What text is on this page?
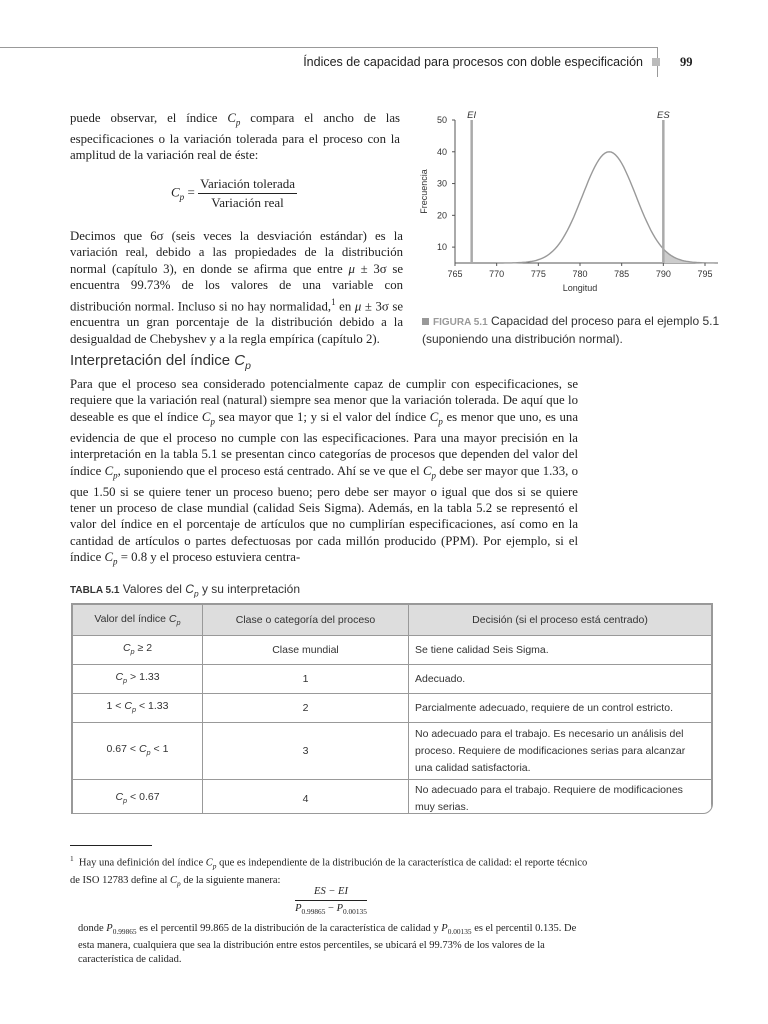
Índices de capacidad para procesos con doble especificación	99

puede observar, el índice $C_p$ compara el ancho de las especificaciones o la variación tolerada para el proceso con la amplitud de la variación real de éste:

$C_p = \frac{\text{Variación tolerada}}{\text{Variación real}}$

Decimos que 6σ (seis veces la desviación estándar) es la variación real, debido a las propiedades de la distribución normal (capítulo 3), en donde se afirma que entre μ ± 3σ se encuentra 99.73% de los valores de una variable con distribución normal. Incluso si no hay normalidad,$^1$ en μ ± 3σ se encuentra un gran porcentaje de la distribución debido a la desigualdad de Chebyshev y a la regla empírica (capítulo 2).

EI	ES
765	770	775	780	785	790	795
10
20
30
40
50
Longitud
Frecuencia
FIGURA 5.1 Capacidad del proceso para el ejemplo 5.1 (suponiendo una distribución normal).
Interpretación del índice $C_p$

Para que el proceso sea considerado potencialmente capaz de cumplir con especificaciones, se requiere que la variación real (natural) siempre sea menor que la variación tolerada. De aquí que lo deseable es que el índice $C_p$ sea mayor que 1; y si el valor del índice $C_p$ es menor que uno, es una evidencia de que el proceso no cumple con las especificaciones. Para una mayor precisión en la interpretación en la tabla 5.1 se presentan cinco categorías de procesos que dependen del valor del índice $C_p$, suponiendo que el proceso está centrado. Ahí se ve que el $C_p$ debe ser mayor que 1.33, o que 1.50 si se quiere tener un proceso bueno; pero debe ser mayor o igual que dos si se quiere tener un proceso de clase mundial (calidad Seis Sigma). Además, en la tabla 5.2 se representó el valor del índice en el porcentaje de artículos que no cumplirían especificaciones, así como en la cantidad de artículos o partes defectuosas por cada millón producido (PPM). Por ejemplo, si el índice $C_p = 0.8$ y el proceso estuviera centra-

TABLA 5.1 Valores del $C_p$ y su interpretación
Valor del índice $C_p$	Clase o categoría del proceso	Decisión (si el proceso está centrado)
$C_p \ge 2$	Clase mundial	Se tiene calidad Seis Sigma.
$C_p > 1.33$	1	Adecuado.
$1 < C_p < 1.33$	2	Parcialmente adecuado, requiere de un control estricto.
$0.67 < C_p < 1$	3	No adecuado para el trabajo. Es necesario un análisis del proceso. Requiere de modificaciones serias para alcanzar una calidad satisfactoria.
$C_p < 0.67$	4	No adecuado para el trabajo. Requiere de modificaciones muy serias.

$^1$ Hay una definición del índice $C_p$ que es independiente de la distribución de la característica de calidad: el reporte técnico de ISO 12783 define al $C_p$ de la siguiente manera:

$\frac{ES - EI}{P_{0.99865} - P_{0.00135}}$

donde $P_{0.99865}$ es el percentil 99.865 de la distribución de la característica de calidad y $P_{0.00135}$ es el percentil 0.135. De esta manera, cualquiera que sea la distribución entre estos percentiles, se ubicará el 99.73% de los valores de la característica de calidad.
